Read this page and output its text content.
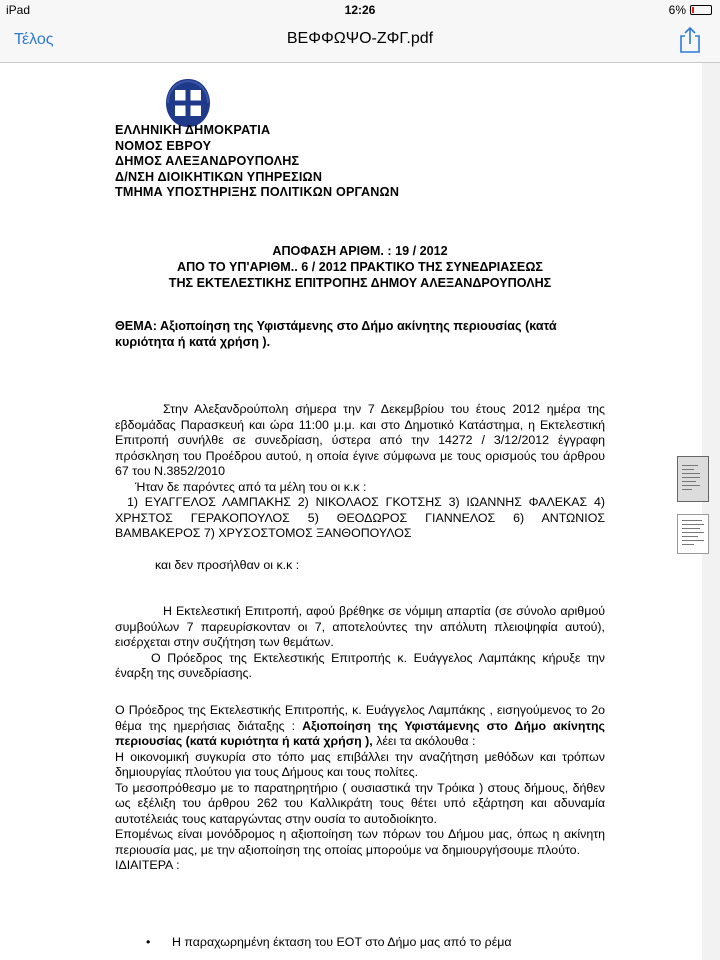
iPad	12:26	6%
Τέλος	ΒΕΦΦΩΨΟ-ΖΦΓ.pdf
ΕΛΛΗΝΙΚΗ ΔΗΜΟΚΡΑΤΙΑ
ΝΟΜΟΣ ΕΒΡΟΥ
ΔΗΜΟΣ ΑΛΕΞΑΝΔΡΟΥΠΟΛΗΣ
Δ/ΝΣΗ ΔΙΟΙΚΗΤΙΚΩΝ ΥΠΗΡΕΣΙΩΝ
ΤΜΗΜΑ ΥΠΟΣΤΗΡΙΞΗΣ ΠΟΛΙΤΙΚΩΝ ΟΡΓΑΝΩΝ
ΑΠΟΦΑΣΗ ΑΡΙΘΜ. : 19 / 2012
ΑΠΟ ΤΟ ΥΠ'ΑΡΙΘΜ.. 6 / 2012 ΠΡΑΚΤΙΚΟ ΤΗΣ ΣΥΝΕΔΡΙΑΣΕΩΣ
ΤΗΣ ΕΚΤΕΛΕΣΤΙΚΗΣ ΕΠΙΤΡΟΠΗΣ ΔΗΜΟΥ ΑΛΕΞΑΝΔΡΟΥΠΟΛΗΣ
ΘΕΜΑ: Αξιοποίηση της Υφιστάμενης στο Δήμο ακίνητης περιουσίας (κατά κυριότητα ή κατά χρήση ).

Στην Αλεξανδρούπολη σήμερα την 7 Δεκεμβρίου του έτους 2012 ημέρα της εβδομάδας Παρασκευή και ώρα 11:00 μ.μ. και στο Δημοτικό Κατάστημα, η Εκτελεστική Επιτροπή συνήλθε σε συνεδρίαση, ύστερα από την 14272 / 3/12/2012 έγγραφη πρόσκληση του Προέδρου αυτού, η οποία έγινε σύμφωνα με τους ορισμούς του άρθρου 67 του Ν.3852/2010

Ήταν δε παρόντες από τα μέλη του οι κ.κ :

1) ΕΥΑΓΓΕΛΟΣ ΛΑΜΠΑΚΗΣ 2) ΝΙΚΟΛΑΟΣ ΓΚΟΤΣΗΣ 3) ΙΩΑΝΝΗΣ ΦΑΛΕΚΑΣ 4) ΧΡΗΣΤΟΣ ΓΕΡΑΚΟΠΟΥΛΟΣ 5) ΘΕΟΔΩΡΟΣ ΓΙΑΝΝΕΛΟΣ 6) ΑΝΤΩΝΙΟΣ ΒΑΜΒΑΚΕΡΟΣ 7) ΧΡΥΣΟΣΤΟΜΟΣ ΞΑΝΘΟΠΟΥΛΟΣ

και δεν προσήλθαν οι κ.κ :

Η Εκτελεστική Επιτροπή, αφού βρέθηκε σε νόμιμη απαρτία (σε σύνολο αριθμού συμβούλων 7 παρευρίσκονταν οι 7, αποτελούντες την απόλυτη πλειοψηφία αυτού), εισέρχεται στην συζήτηση των θεμάτων.

Ο Πρόεδρος της Εκτελεστικής Επιτροπής κ. Ευάγγελος Λαμπάκης κήρυξε την έναρξη της συνεδρίασης.

Ο Πρόεδρος της Εκτελεστικής Επιτροπής, κ. Ευάγγελος Λαμπάκης , εισηγούμενος το 2ο θέμα της ημερήσιας διάταξης : Αξιοποίηση της Υφιστάμενης στο Δήμο ακίνητης περιουσίας (κατά κυριότητα ή κατά χρήση ), λέει τα ακόλουθα :

Η οικονομική συγκυρία στο τόπο μας επιβάλλει την αναζήτηση μεθόδων και τρόπων δημιουργίας πλούτου για τους Δήμους και τους πολίτες.

Το μεσοπρόθεσμο με το παρατηρητήριο ( ουσιαστικά την Τρόικα ) στους δήμους, δήθεν ως εξέλιξη του άρθρου 262 του Καλλικράτη τους θέτει υπό εξάρτηση και αδυναμία αυτοτέλειάς τους καταργώντας στην ουσία το αυτοδιοίκητο.

Επομένως είναι μονόδρομος η αξιοποίηση των πόρων του Δήμου μας, όπως η ακίνητη περιουσία μας, με την αξιοποίηση της οποίας μπορούμε να δημιουργήσουμε πλούτο.

ΙΔΙΑΙΤΕΡΑ :

• Η παραχωρημένη έκταση του ΕΟΤ στο Δήμο μας από το ρέμα
